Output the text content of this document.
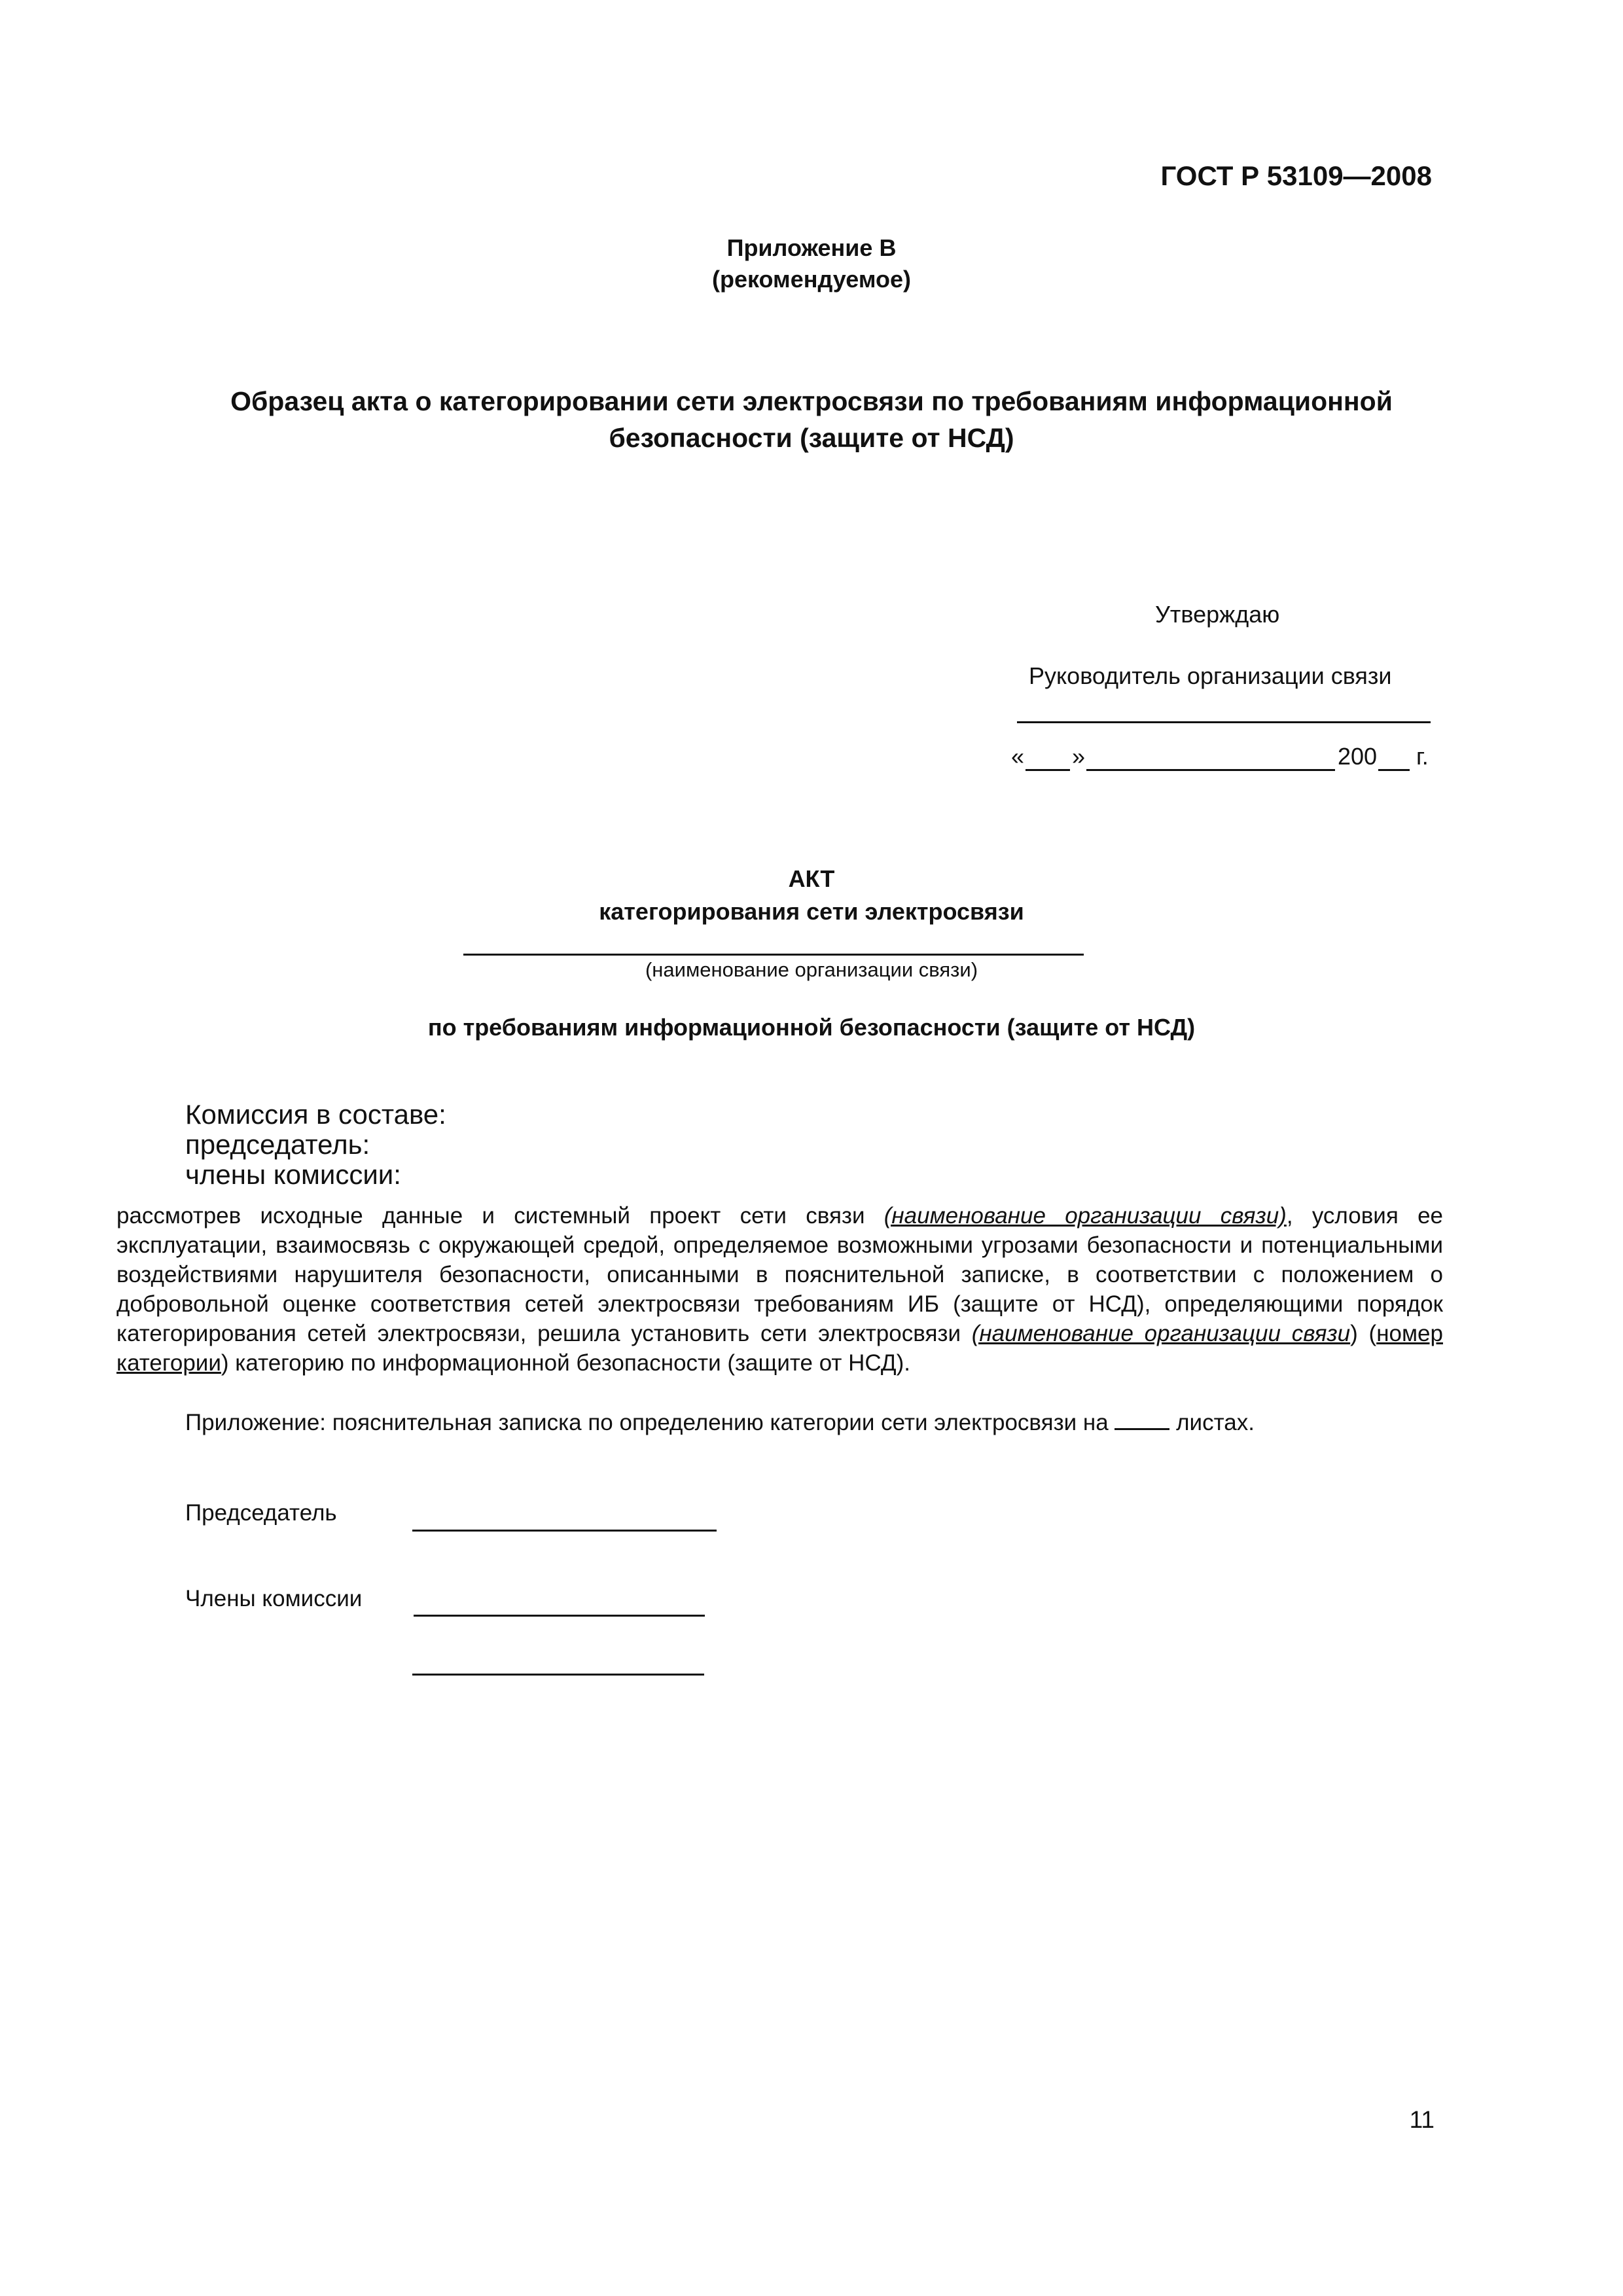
ГОСТ Р 53109—2008
Приложение В
(рекомендуемое)
Образец акта о категорировании сети электросвязи по требованиям информационной
безопасности (защите от НСД)
Утверждаю
Руководитель организации связи
« »	200 г.
АКТ
категорирования сети электросвязи
(наименование организации связи)
по требованиям информационной безопасности (защите от НСД)
Комиссия в составе:
председатель:
члены комиссии:
рассмотрев исходные данные и системный проект сети связи (наименование организации связи), условия ее эксплуатации, взаимосвязь с окружающей средой, определяемое возможными угрозами безопасности и потенциальными воздействиями нарушителя безопасности, описанными в пояснительной записке, в соответствии с положением о добровольной оценке соответствия сетей электросвязи требованиям ИБ (защите от НСД), определяющими порядок категорирования сетей электросвязи, решила установить сети электросвязи (наименование организации связи) (номер категории) категорию по информационной безопасности (защите от НСД).
Приложение: пояснительная записка по определению категории сети электросвязи на  листах.
Председатель
Члены комиссии
11
